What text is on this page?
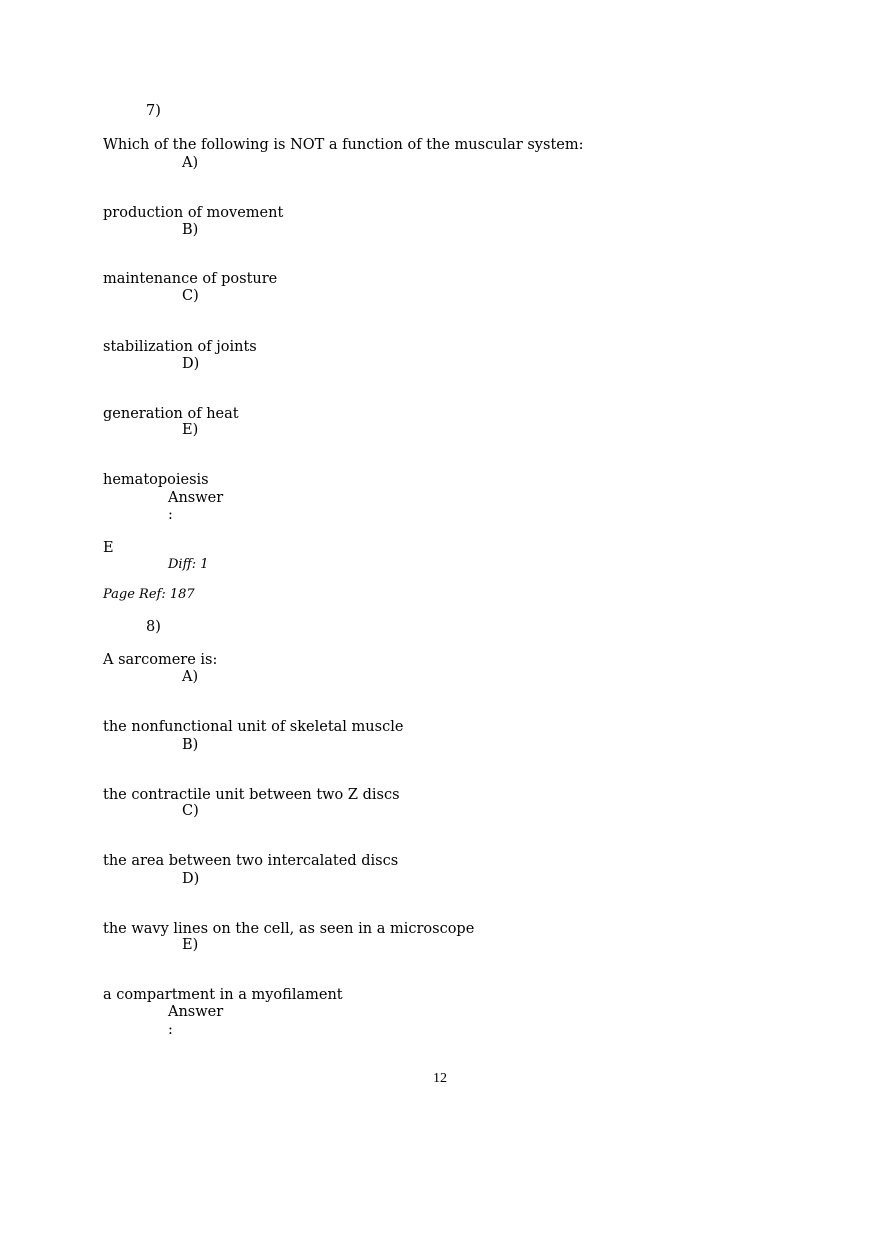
7)
Which of the following is NOT a function of the muscular system:
A)
production of movement
B)
maintenance of posture
C)
stabilization of joints
D)
generation of heat
E)
hematopoiesis
Answer
:
E
Diff: 1
Page Ref: 187
8)
A sarcomere is:
A)
the nonfunctional unit of skeletal muscle
B)
the contractile unit between two Z discs
C)
the area between two intercalated discs
D)
the wavy lines on the cell, as seen in a microscope
E)
a compartment in a myofilament
Answer
:
12
